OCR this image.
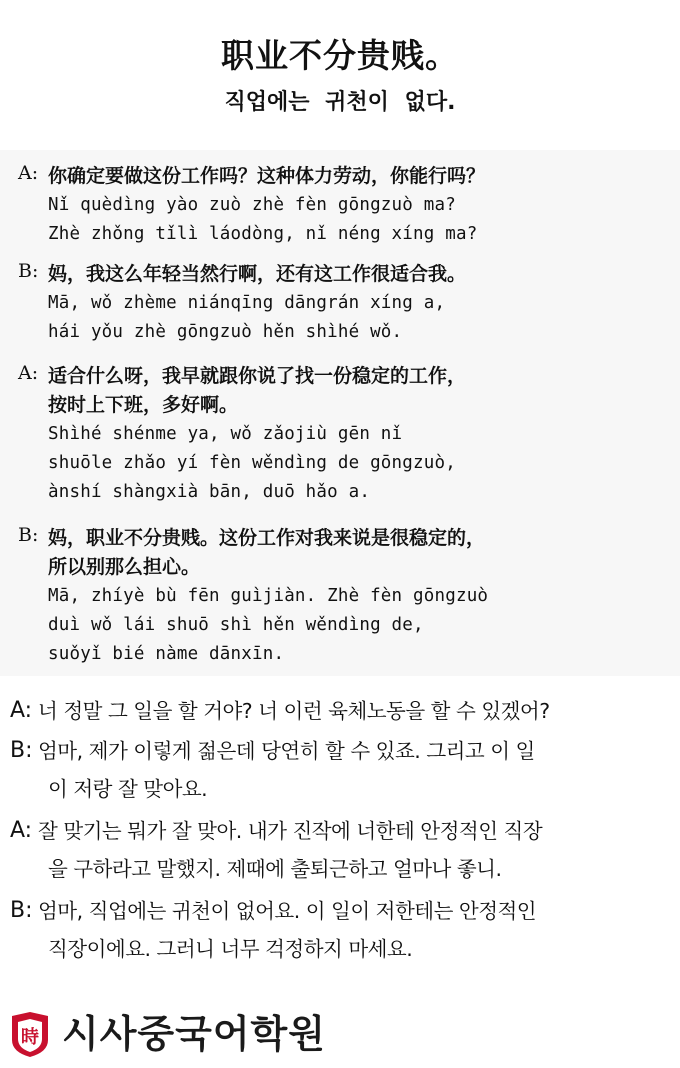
职业不分贵贱。
직업에는 귀천이 없다.
A: 你确定要做这份工作吗？这种体力劳动，你能行吗？
Nǐ quèdìng yào zuò zhè fèn gōngzuò ma?
Zhè zhǒng tǐlì láodòng, nǐ néng xíng ma?
B: 妈，我这么年轻当然行啊，还有这工作很适合我。
Mā, wǒ zhème niánqīng dāngrán xíng a,
hái yǒu zhè gōngzuò hěn shìhé wǒ.
A: 适合什么呀，我早就跟你说了找一份稳定的工作，
按时上下班，多好啊。
Shìhé shénme ya, wǒ zǎojiù gēn nǐ
shuōle zhǎo yí fèn wěndìng de gōngzuò,
ànshí shàngxià bān, duō hǎo a.
B: 妈，职业不分贵贱。这份工作对我来说是很稳定的，
所以别那么担心。
Mā, zhíyè bù fēn guìjiàn. Zhè fèn gōngzuò
duì wǒ lái shuō shì hěn wěndìng de,
suǒyǐ bié nàme dānxīn.
A: 너 정말 그 일을 할 거야? 너 이런 육체노동을 할 수 있겠어?
B: 엄마, 제가 이렇게 젊은데 당연히 할 수 있죠. 그리고 이 일
이 저랑 잘 맞아요.
A: 잘 맞기는 뭐가 잘 맞아. 내가 진작에 너한테 안정적인 직장
을 구하라고 말했지. 제때에 출퇴근하고 얼마나 좋니.
B: 엄마, 직업에는 귀천이 없어요. 이 일이 저한테는 안정적인
직장이에요. 그러니 너무 걱정하지 마세요.
時 시사중국어학원
